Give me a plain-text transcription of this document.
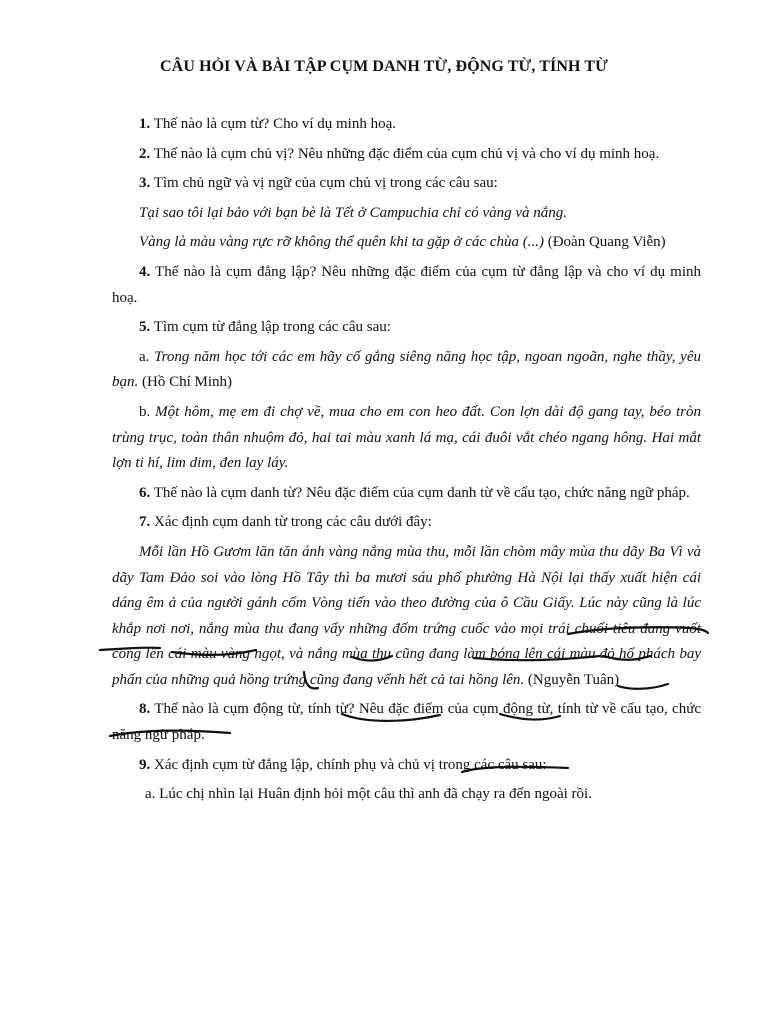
CÂU HỎI VÀ BÀI TẬP CỤM DANH TỪ, ĐỘNG TỪ, TÍNH TỪ

1. Thế nào là cụm từ? Cho ví dụ minh hoạ.

2. Thế nào là cụm chủ vị? Nêu những đặc điểm của cụm chủ vị và cho ví dụ minh hoạ.

3. Tìm chủ ngữ và vị ngữ của cụm chủ vị trong các câu sau:

Tại sao tôi lại bảo với bạn bè là Tết ở Campuchia chỉ có vàng và nắng.

Vàng là màu vàng rực rỡ không thể quên khi ta gặp ở các chùa (...) (Đoàn Quang Viễn)

4. Thế nào là cụm đẳng lập? Nêu những đặc điểm của cụm từ đẳng lập và cho ví dụ minh hoạ.

5. Tìm cụm từ đẳng lập trong các câu sau:

a. Trong năm học tới các em hãy cố gắng siêng năng học tập, ngoan ngoãn, nghe thầy, yêu bạn. (Hồ Chí Minh)

b. Một hôm, mẹ em đi chợ về, mua cho em con heo đất. Con lợn dài độ gang tay, béo tròn trùng trục, toàn thân nhuộm đỏ, hai tai màu xanh lá mạ, cái đuôi vắt chéo ngang hông. Hai mắt lợn ti hí, lim dim, đen lay láy.

6. Thế nào là cụm danh từ? Nêu đặc điểm của cụm danh từ về cấu tạo, chức năng ngữ pháp.

7. Xác định cụm danh từ trong các câu dưới đây:

Mỗi lần Hồ Gươm lăn tăn ánh vàng nắng mùa thu, mỗi lần chòm mây mùa thu dãy Ba Vì và dãy Tam Đảo soi vào lòng Hồ Tây thì ba mươi sáu phố phường Hà Nội lại thấy xuất hiện cái dáng êm ả của người gánh cốm Vòng tiến vào theo đường của ô Cầu Giấy. Lúc này cũng là lúc khắp nơi nơi, nắng mùa thu đang vẩy những đốm trứng cuốc vào mọi trái chuối tiêu đang vuốt cong lên cái màu vàng ngọt, và nắng mùa thu cũng đang làm bóng lên cái màu đỏ hổ phách bay phấn của những quả hồng trứng cũng đang vểnh hết cả tai hồng lên. (Nguyễn Tuân)

8. Thế nào là cụm động từ, tính từ? Nêu đặc điểm của cụm động từ, tính từ về cấu tạo, chức năng ngữ pháp.

9. Xác định cụm từ đẳng lập, chính phụ và chủ vị trong các câu sau:

a. Lúc chị nhìn lại Huân định hỏi một câu thì anh đã chạy ra đến ngoài rồi.
